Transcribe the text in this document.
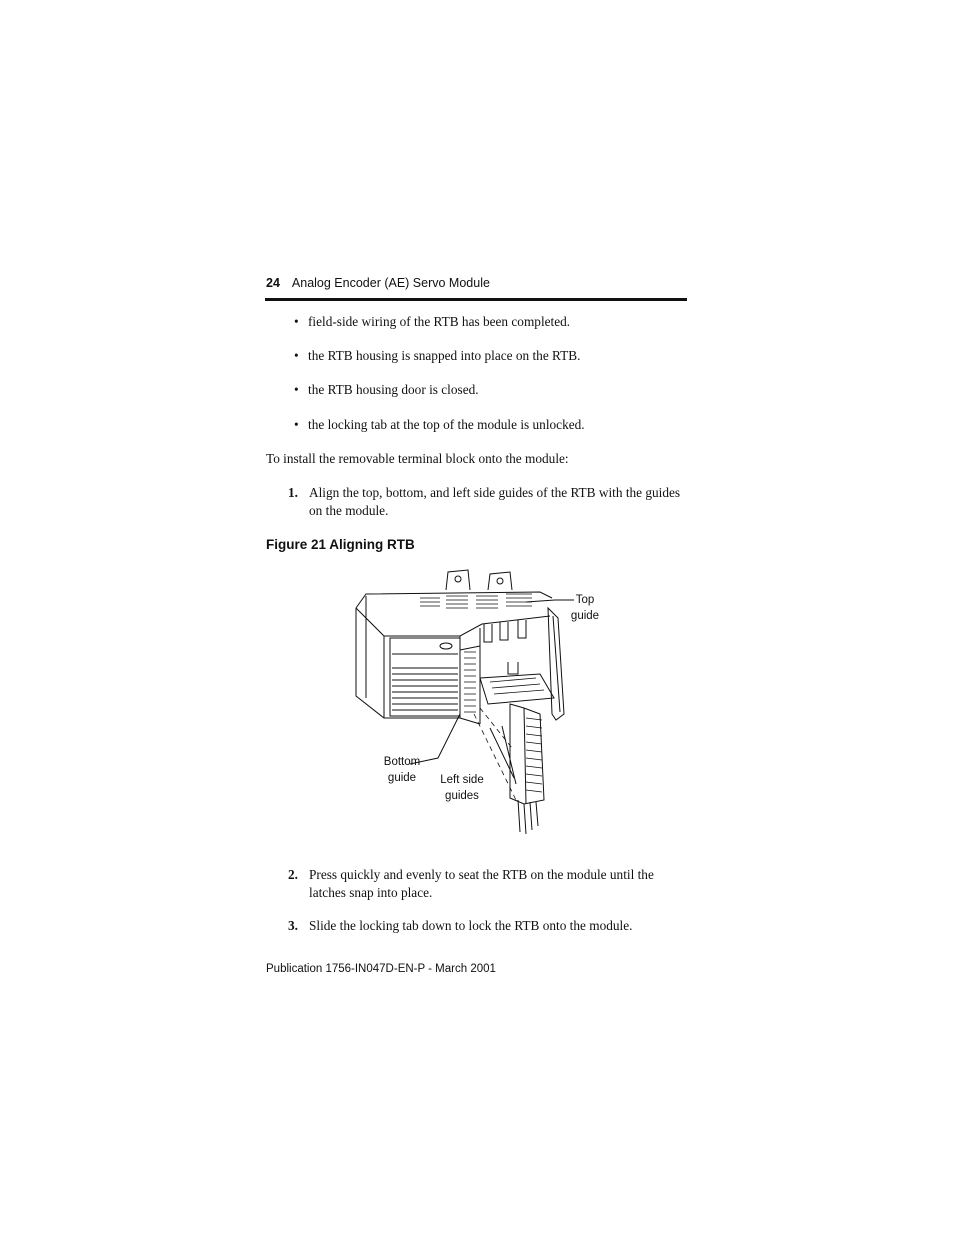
24 Analog Encoder (AE) Servo Module
• field-side wiring of the RTB has been completed.
• the RTB housing is snapped into place on the RTB.
• the RTB housing door is closed.
• the locking tab at the top of the module is unlocked.
To install the removable terminal block onto the module:
1. Align the top, bottom, and left side guides of the RTB with the guides on the module.
Figure 21 Aligning RTB
Top
guide
Bottom
guide	Left side
guides
2. Press quickly and evenly to seat the RTB on the module until the latches snap into place.
3. Slide the locking tab down to lock the RTB onto the module.
Publication 1756-IN047D-EN-P - March 2001
